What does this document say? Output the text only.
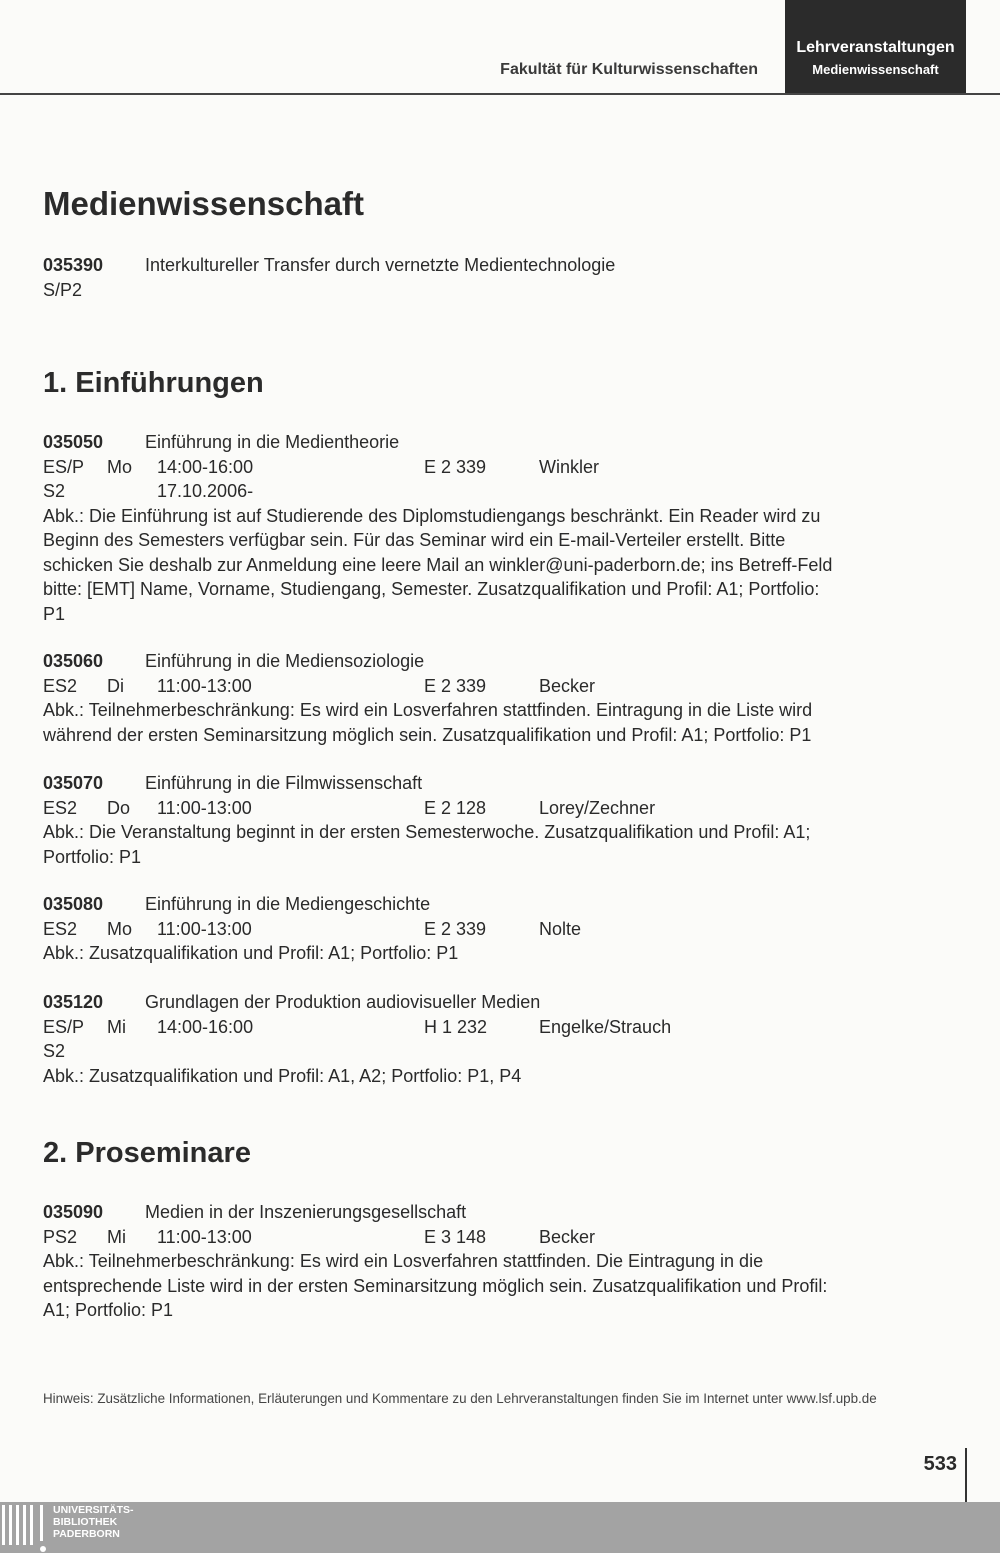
Fakultät für Kulturwissenschaften
Lehrveranstaltungen
Medienwissenschaft
Medienwissenschaft
035390 Interkultureller Transfer durch vernetzte Medientechnologie
S/P2
1. Einführungen
035050 Einführung in die Medientheorie
ES/P Mo 14:00-16:00	E 2 339	Winkler
S2	17.10.2006-
Abk.: Die Einführung ist auf Studierende des Diplomstudiengangs beschränkt. Ein Reader wird zu Beginn des Semesters verfügbar sein. Für das Seminar wird ein E-mail-Verteiler erstellt. Bitte schicken Sie deshalb zur Anmeldung eine leere Mail an winkler@uni-paderborn.de; ins Betreff-Feld bitte: [EMT] Name, Vorname, Studiengang, Semester. Zusatzqualifikation und Profil: A1; Portfolio: P1
035060 Einführung in die Mediensoziologie
ES2 Di 11:00-13:00	E 2 339	Becker
Abk.: Teilnehmerbeschränkung: Es wird ein Losverfahren stattfinden. Eintragung in die Liste wird während der ersten Seminarsitzung möglich sein. Zusatzqualifikation und Profil: A1; Portfolio: P1
035070 Einführung in die Filmwissenschaft
ES2 Do 11:00-13:00	E 2 128	Lorey/Zechner
Abk.: Die Veranstaltung beginnt in der ersten Semesterwoche. Zusatzqualifikation und Profil: A1; Portfolio: P1
035080 Einführung in die Mediengeschichte
ES2 Mo 11:00-13:00	E 2 339	Nolte
Abk.: Zusatzqualifikation und Profil: A1; Portfolio: P1
035120 Grundlagen der Produktion audiovisueller Medien
ES/P Mi 14:00-16:00	H 1 232	Engelke/Strauch
S2
Abk.: Zusatzqualifikation und Profil: A1, A2; Portfolio: P1, P4
2. Proseminare
035090 Medien in der Inszenierungsgesellschaft
PS2 Mi 11:00-13:00	E 3 148	Becker
Abk.: Teilnehmerbeschränkung: Es wird ein Losverfahren stattfinden. Die Eintragung in die entsprechende Liste wird in der ersten Seminarsitzung möglich sein. Zusatzqualifikation und Profil: A1; Portfolio: P1
Hinweis: Zusätzliche Informationen, Erläuterungen und Kommentare zu den Lehrveranstaltungen finden Sie im Internet unter www.lsf.upb.de
533
UNIVERSITÄTS-
BIBLIOTHEK
PADERBORN
